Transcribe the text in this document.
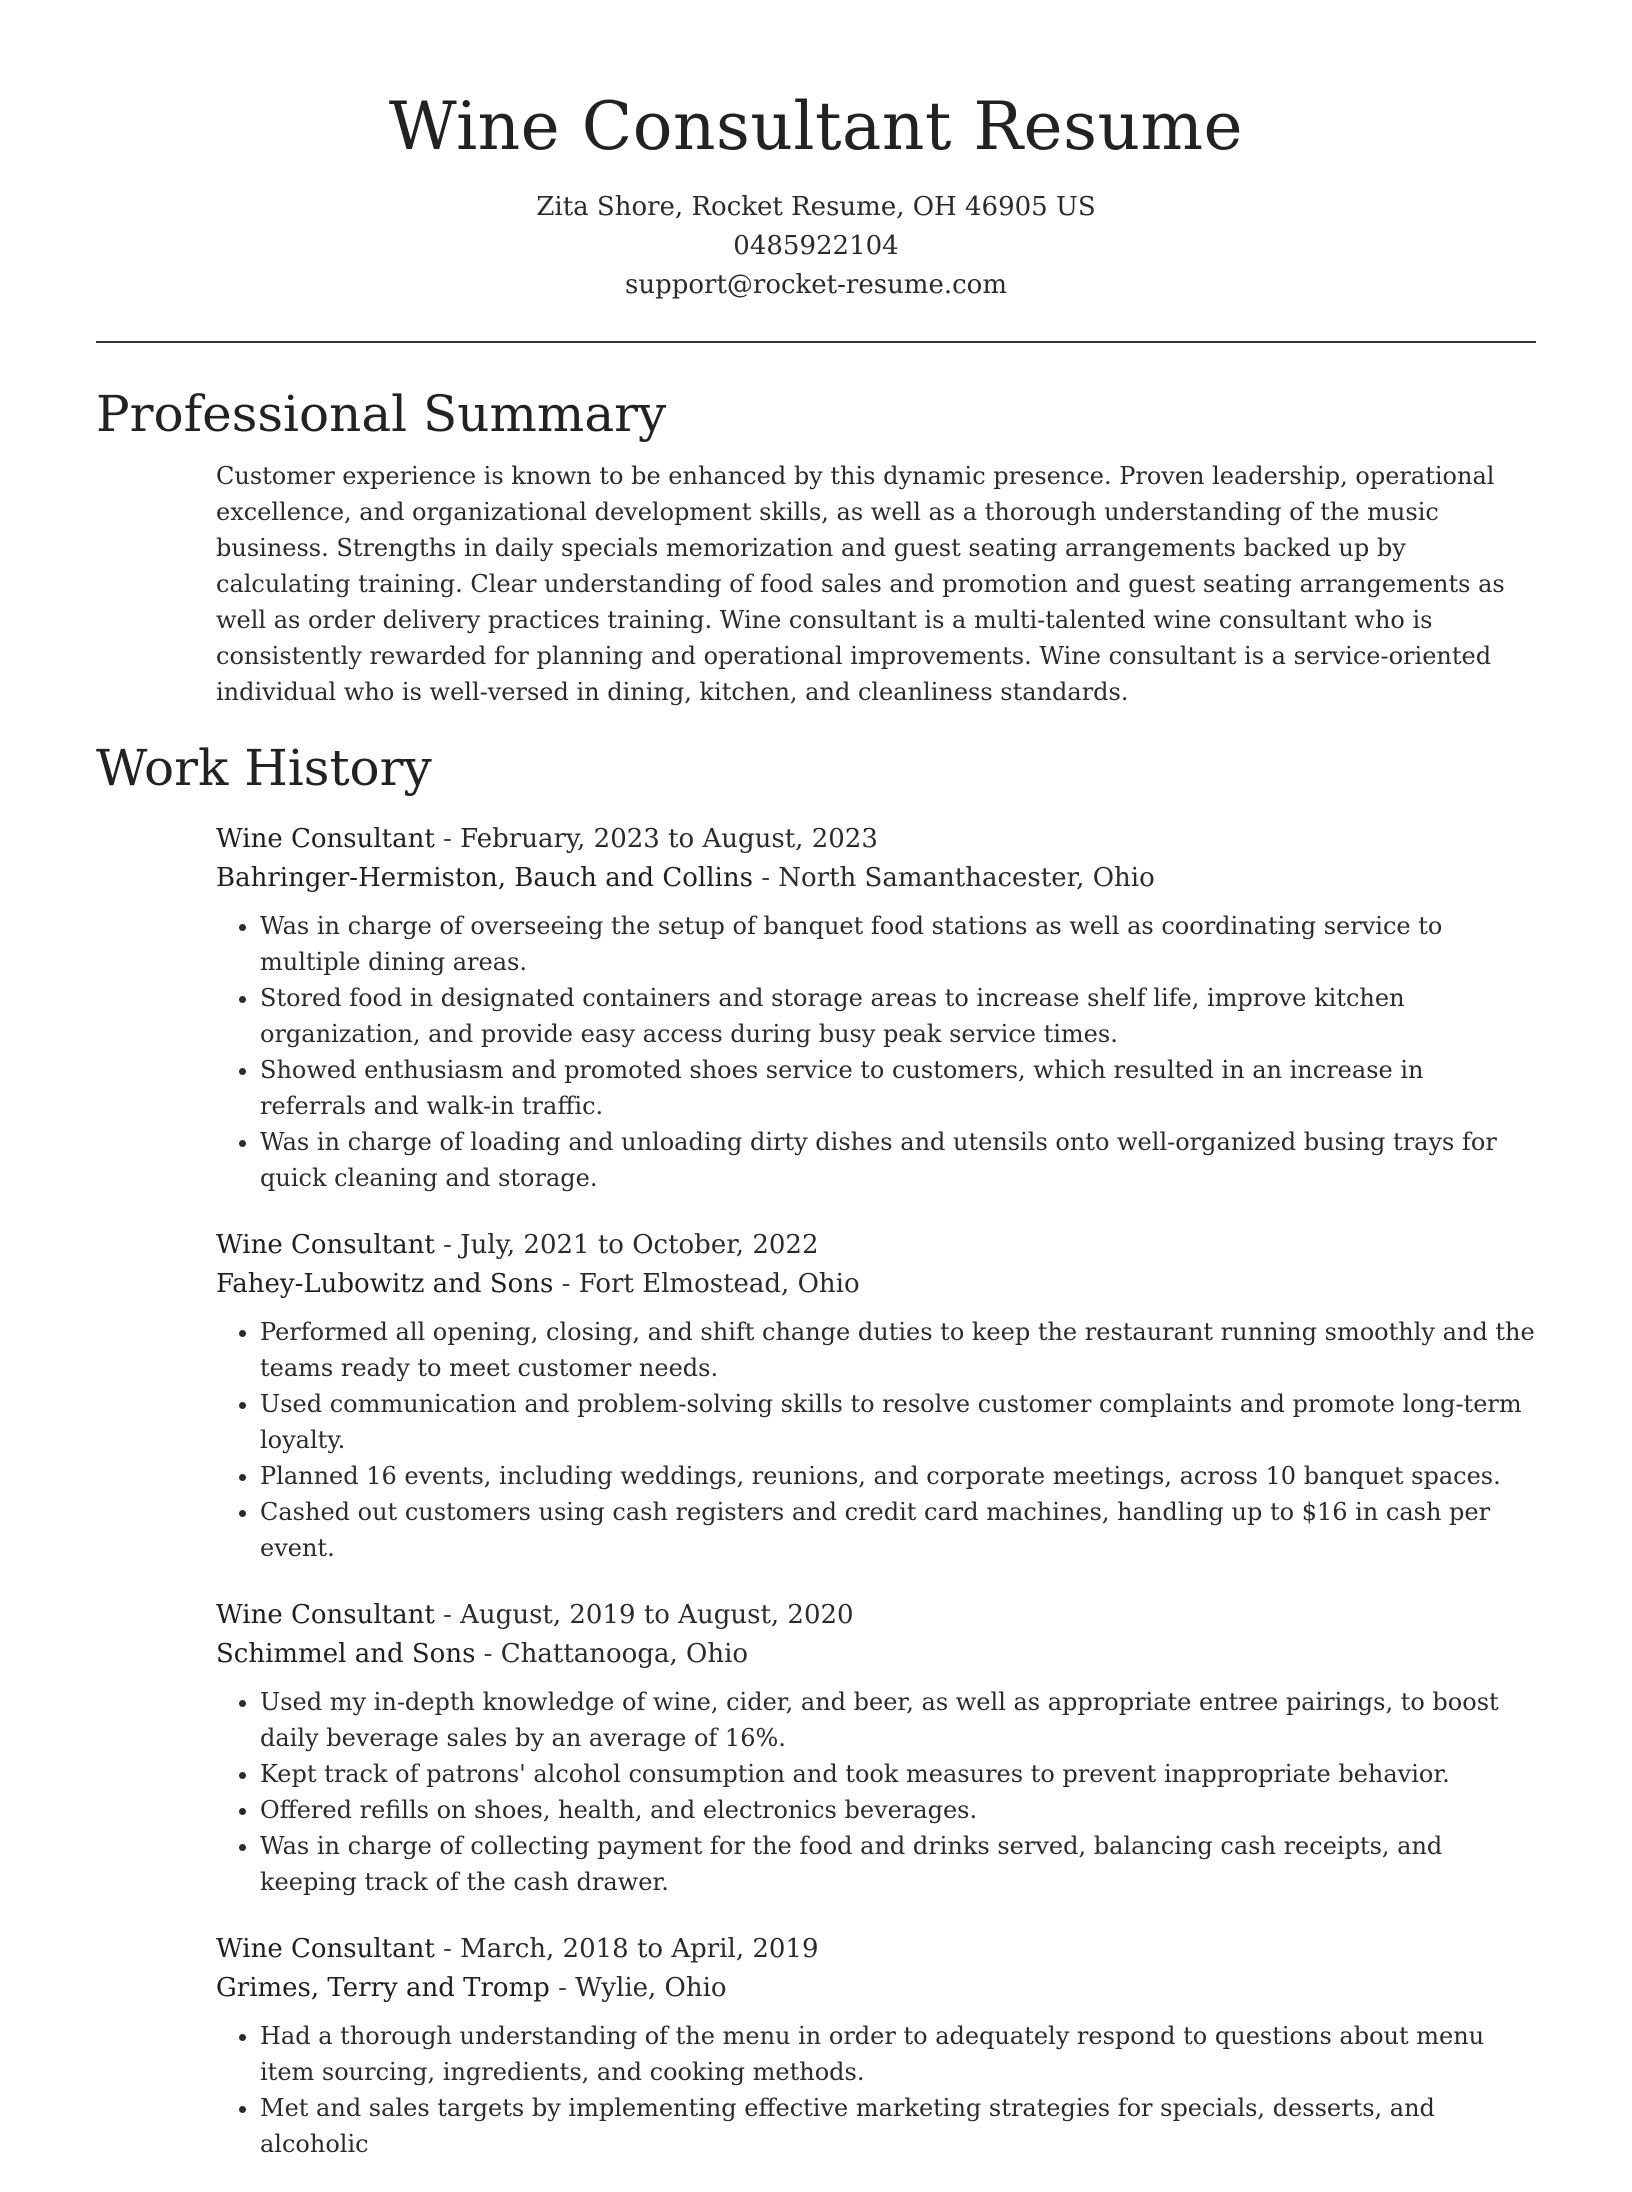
Wine Consultant Resume
Zita Shore, Rocket Resume, OH 46905 US
0485922104
support@rocket-resume.com
Professional Summary

Customer experience is known to be enhanced by this dynamic presence. Proven leadership, operational excellence, and organizational development skills, as well as a thorough understanding of the music business. Strengths in daily specials memorization and guest seating arrangements backed up by calculating training. Clear understanding of food sales and promotion and guest seating arrangements as well as order delivery practices training. Wine consultant is a multi-talented wine consultant who is consistently rewarded for planning and operational improvements. Wine consultant is a service-oriented individual who is well-versed in dining, kitchen, and cleanliness standards.

Work History
Wine Consultant - February, 2023 to August, 2023
Bahringer-Hermiston, Bauch and Collins - North Samanthacester, Ohio
• Was in charge of overseeing the setup of banquet food stations as well as coordinating service to multiple dining areas.
• Stored food in designated containers and storage areas to increase shelf life, improve kitchen organization, and provide easy access during busy peak service times.
• Showed enthusiasm and promoted shoes service to customers, which resulted in an increase in referrals and walk-in traffic.
• Was in charge of loading and unloading dirty dishes and utensils onto well-organized busing trays for quick cleaning and storage.
Wine Consultant - July, 2021 to October, 2022
Fahey-Lubowitz and Sons - Fort Elmostead, Ohio
• Performed all opening, closing, and shift change duties to keep the restaurant running smoothly and the teams ready to meet customer needs.
• Used communication and problem-solving skills to resolve customer complaints and promote long-term loyalty.
• Planned 16 events, including weddings, reunions, and corporate meetings, across 10 banquet spaces.
• Cashed out customers using cash registers and credit card machines, handling up to $16 in cash per event.
Wine Consultant - August, 2019 to August, 2020
Schimmel and Sons - Chattanooga, Ohio
• Used my in-depth knowledge of wine, cider, and beer, as well as appropriate entree pairings, to boost daily beverage sales by an average of 16%.
• Kept track of patrons' alcohol consumption and took measures to prevent inappropriate behavior.
• Offered refills on shoes, health, and electronics beverages.
• Was in charge of collecting payment for the food and drinks served, balancing cash receipts, and keeping track of the cash drawer.
Wine Consultant - March, 2018 to April, 2019
Grimes, Terry and Tromp - Wylie, Ohio
• Had a thorough understanding of the menu in order to adequately respond to questions about menu item sourcing, ingredients, and cooking methods.
• Met and sales targets by implementing effective marketing strategies for specials, desserts, and alcoholic
